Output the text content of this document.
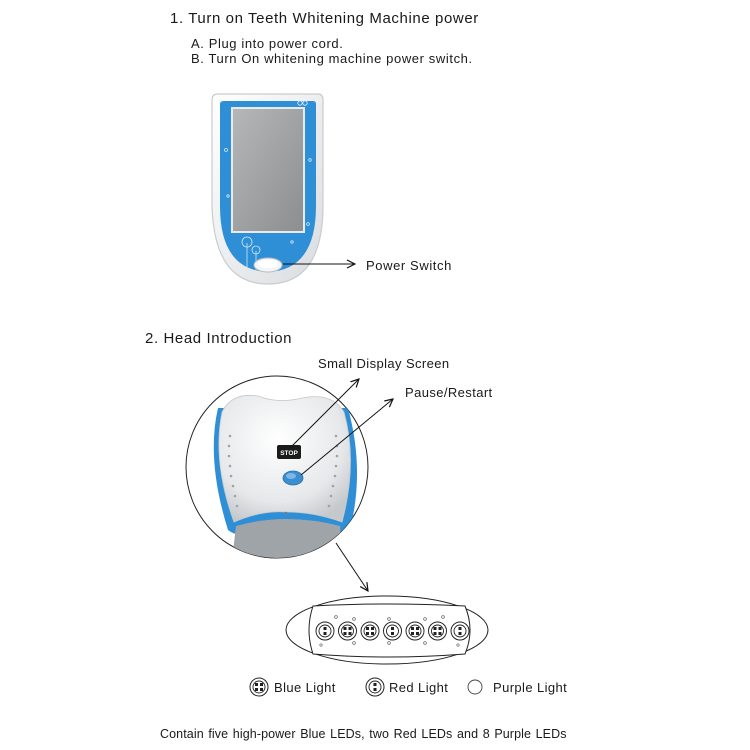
1. Turn on Teeth Whitening Machine power
A. Plug into power cord.
B. Turn On whitening machine power switch.
Power Switch
2. Head Introduction
Small Display Screen
Pause/Restart
Blue Light	Red Light	Purple Light
Contain five high-power Blue LEDs, two Red LEDs and 8 Purple LEDs
STOP
